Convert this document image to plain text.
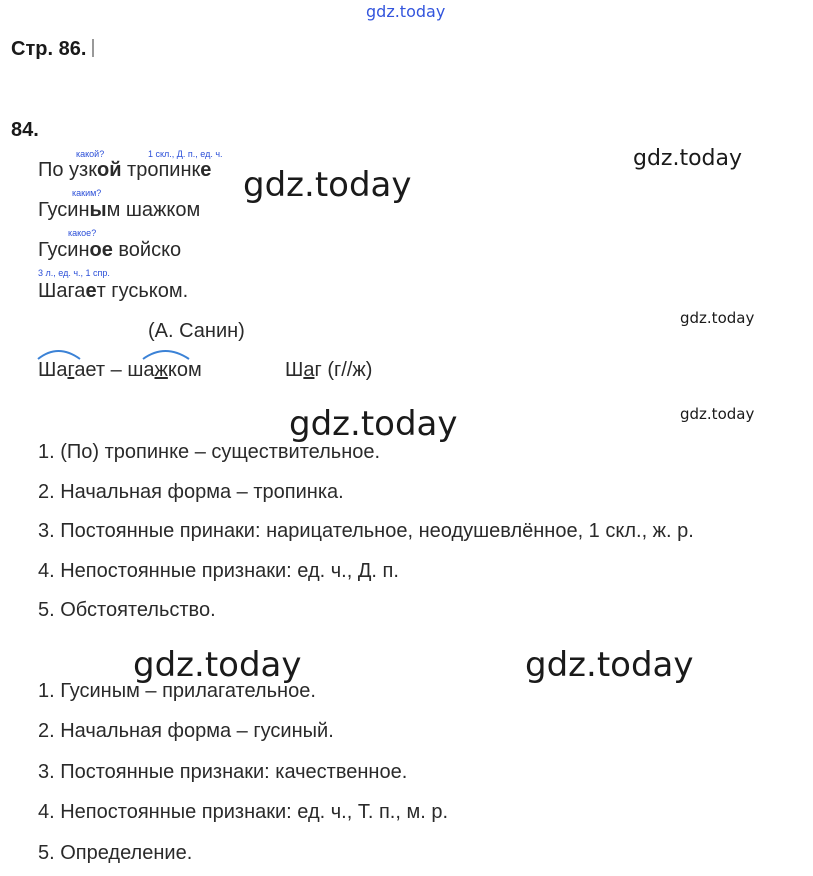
gdz.today
gdz.today
gdz.today
gdz.today
gdz.today	gdz.today
gdz.today	gdz.today
Стр. 86.
84.
какой?	1 скл., Д. п., ед. ч.
каким?
какое?
3 л., ед. ч., 1 спр.
По узкой тропинке
Гусиным шажком
Гусиное войско
Шагает гуськом.
(А. Санин)
Шагает – шажком	Шаг (г//ж)
1. (По) тропинке – существительное.
2. Начальная форма – тропинка.
3. Постоянные принаки: нарицательное, неодушевлённое, 1 скл., ж. р.
4. Непостоянные признаки: ед. ч., Д. п.
5. Обстоятельство.
1. Гусиным – прилагательное.
2. Начальная форма – гусиный.
3. Постоянные признаки: качественное.
4. Непостоянные признаки: ед. ч., Т. п., м. р.
5. Определение.
